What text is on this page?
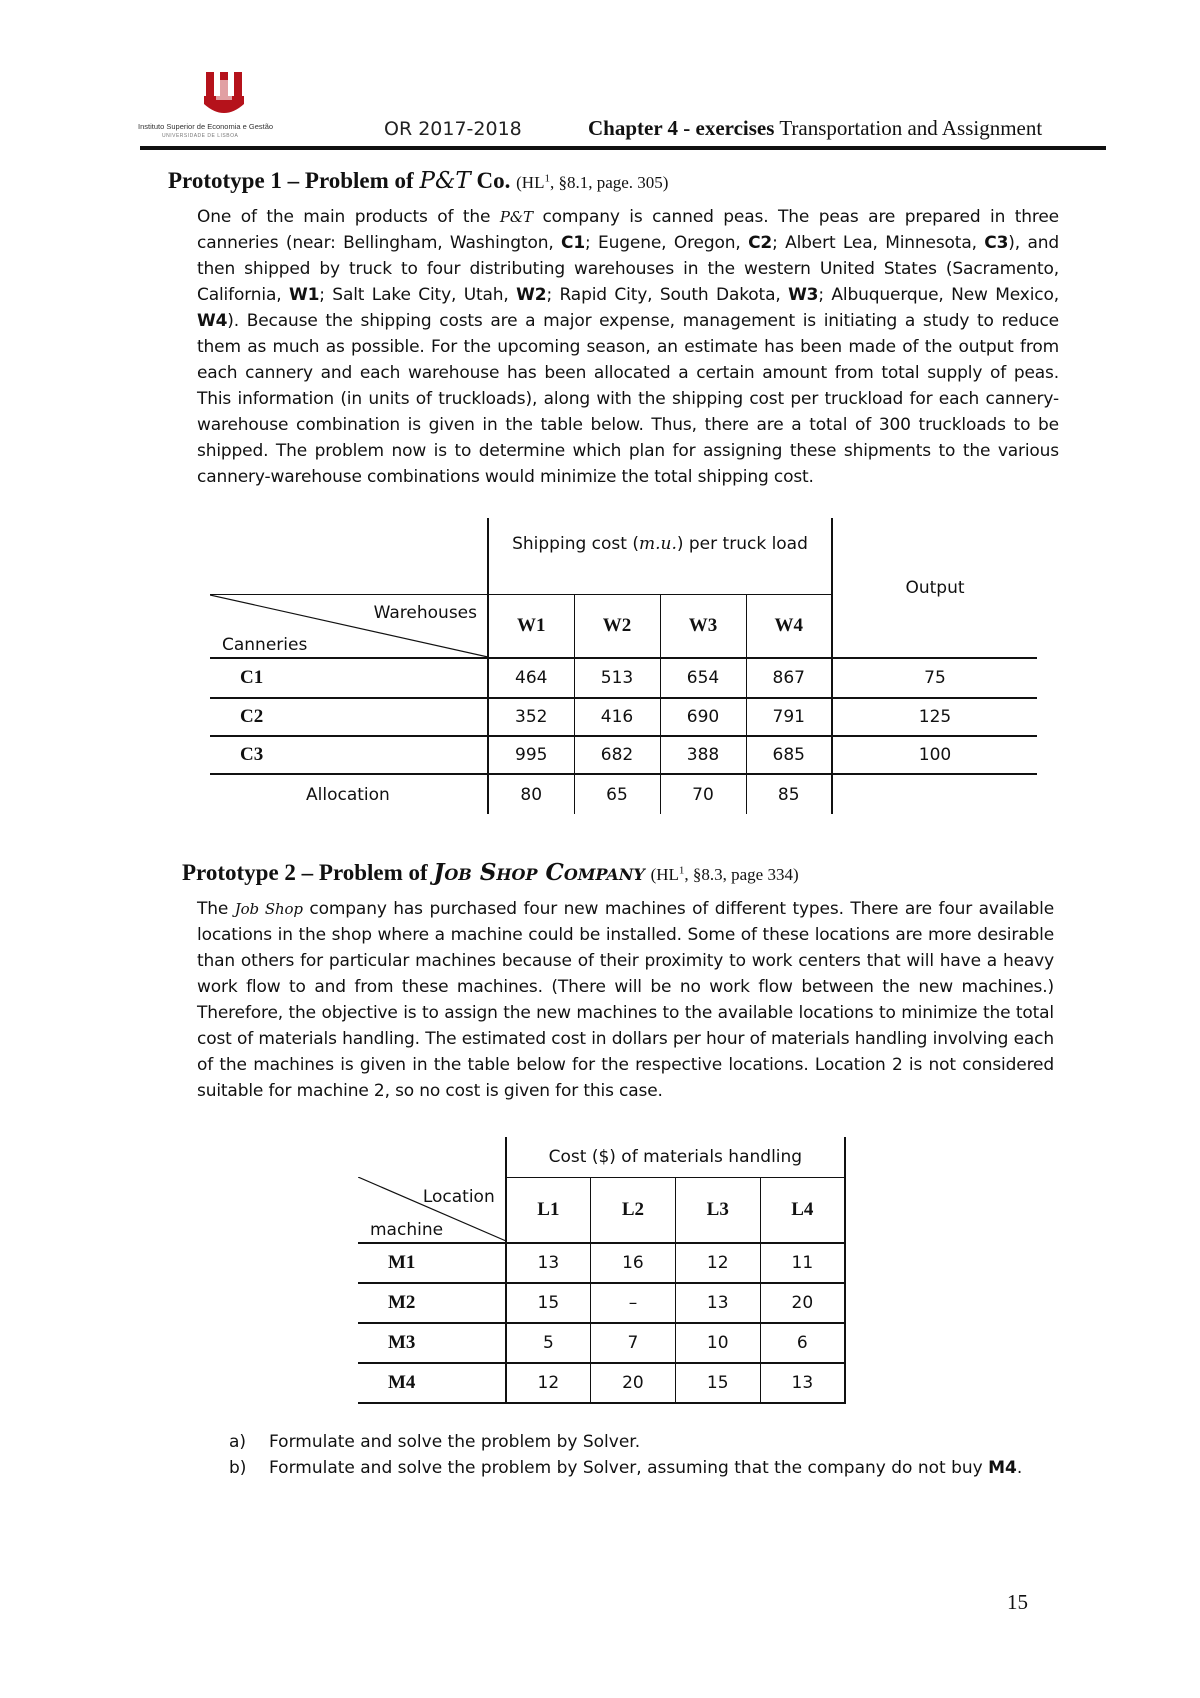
Instituto Superior de Economia e Gestão
UNIVERSIDADE DE LISBOA	OR 2017-2018	Chapter 4 - exercises Transportation and Assignment
Prototype 1 – Problem of P&T Co. ($HL^1$, §8.1, page. 305)
One of the main products of the P&T company is canned peas. The peas are prepared in three canneries (near: Bellingham, Washington, C1; Eugene, Oregon, C2; Albert Lea, Minnesota, C3), and then shipped by truck to four distributing warehouses in the western United States (Sacramento, California, W1; Salt Lake City, Utah, W2; Rapid City, South Dakota, W3; Albuquerque, New Mexico, W4). Because the shipping costs are a major expense, management is initiating a study to reduce them as much as possible. For the upcoming season, an estimate has been made of the output from each cannery and each warehouse has been allocated a certain amount from total supply of peas. This information (in units of truckloads), along with the shipping cost per truckload for each cannery-warehouse combination is given in the table below. Thus, there are a total of 300 truckloads to be shipped. The problem now is to determine which plan for assigning these shipments to the various cannery-warehouse combinations would minimize the total shipping cost.
	Shipping cost (m.u.) per truck load				Output

Warehouses
Canneries	W1	W2	W3	W4	
C1	464	513	654	867	75
C2	352	416	690	791	125
C3	995	682	388	685	100
Allocation	80	65	70	85	
Prototype 2 – Problem of Job Shop Company ($HL^1$, §8.3, page 334)
The Job Shop company has purchased four new machines of different types. There are four available locations in the shop where a machine could be installed. Some of these locations are more desirable than others for particular machines because of their proximity to work centers that will have a heavy work flow to and from these machines. (There will be no work flow between the new machines.) Therefore, the objective is to assign the new machines to the available locations to minimize the total cost of materials handling. The estimated cost in dollars per hour of materials handling involving each of the machines is given in the table below for the respective locations. Location 2 is not considered suitable for machine 2, so no cost is given for this case.
	Cost ($) of materials handling			

Location
machine	L1	L2	L3	L4
M1	13	16	12	11
M2	15	–	13	20
M3	5	7	10	6
M4	12	20	15	13
a) Formulate and solve the problem by Solver.
b) Formulate and solve the problem by Solver, assuming that the company do not buy M4.
15
